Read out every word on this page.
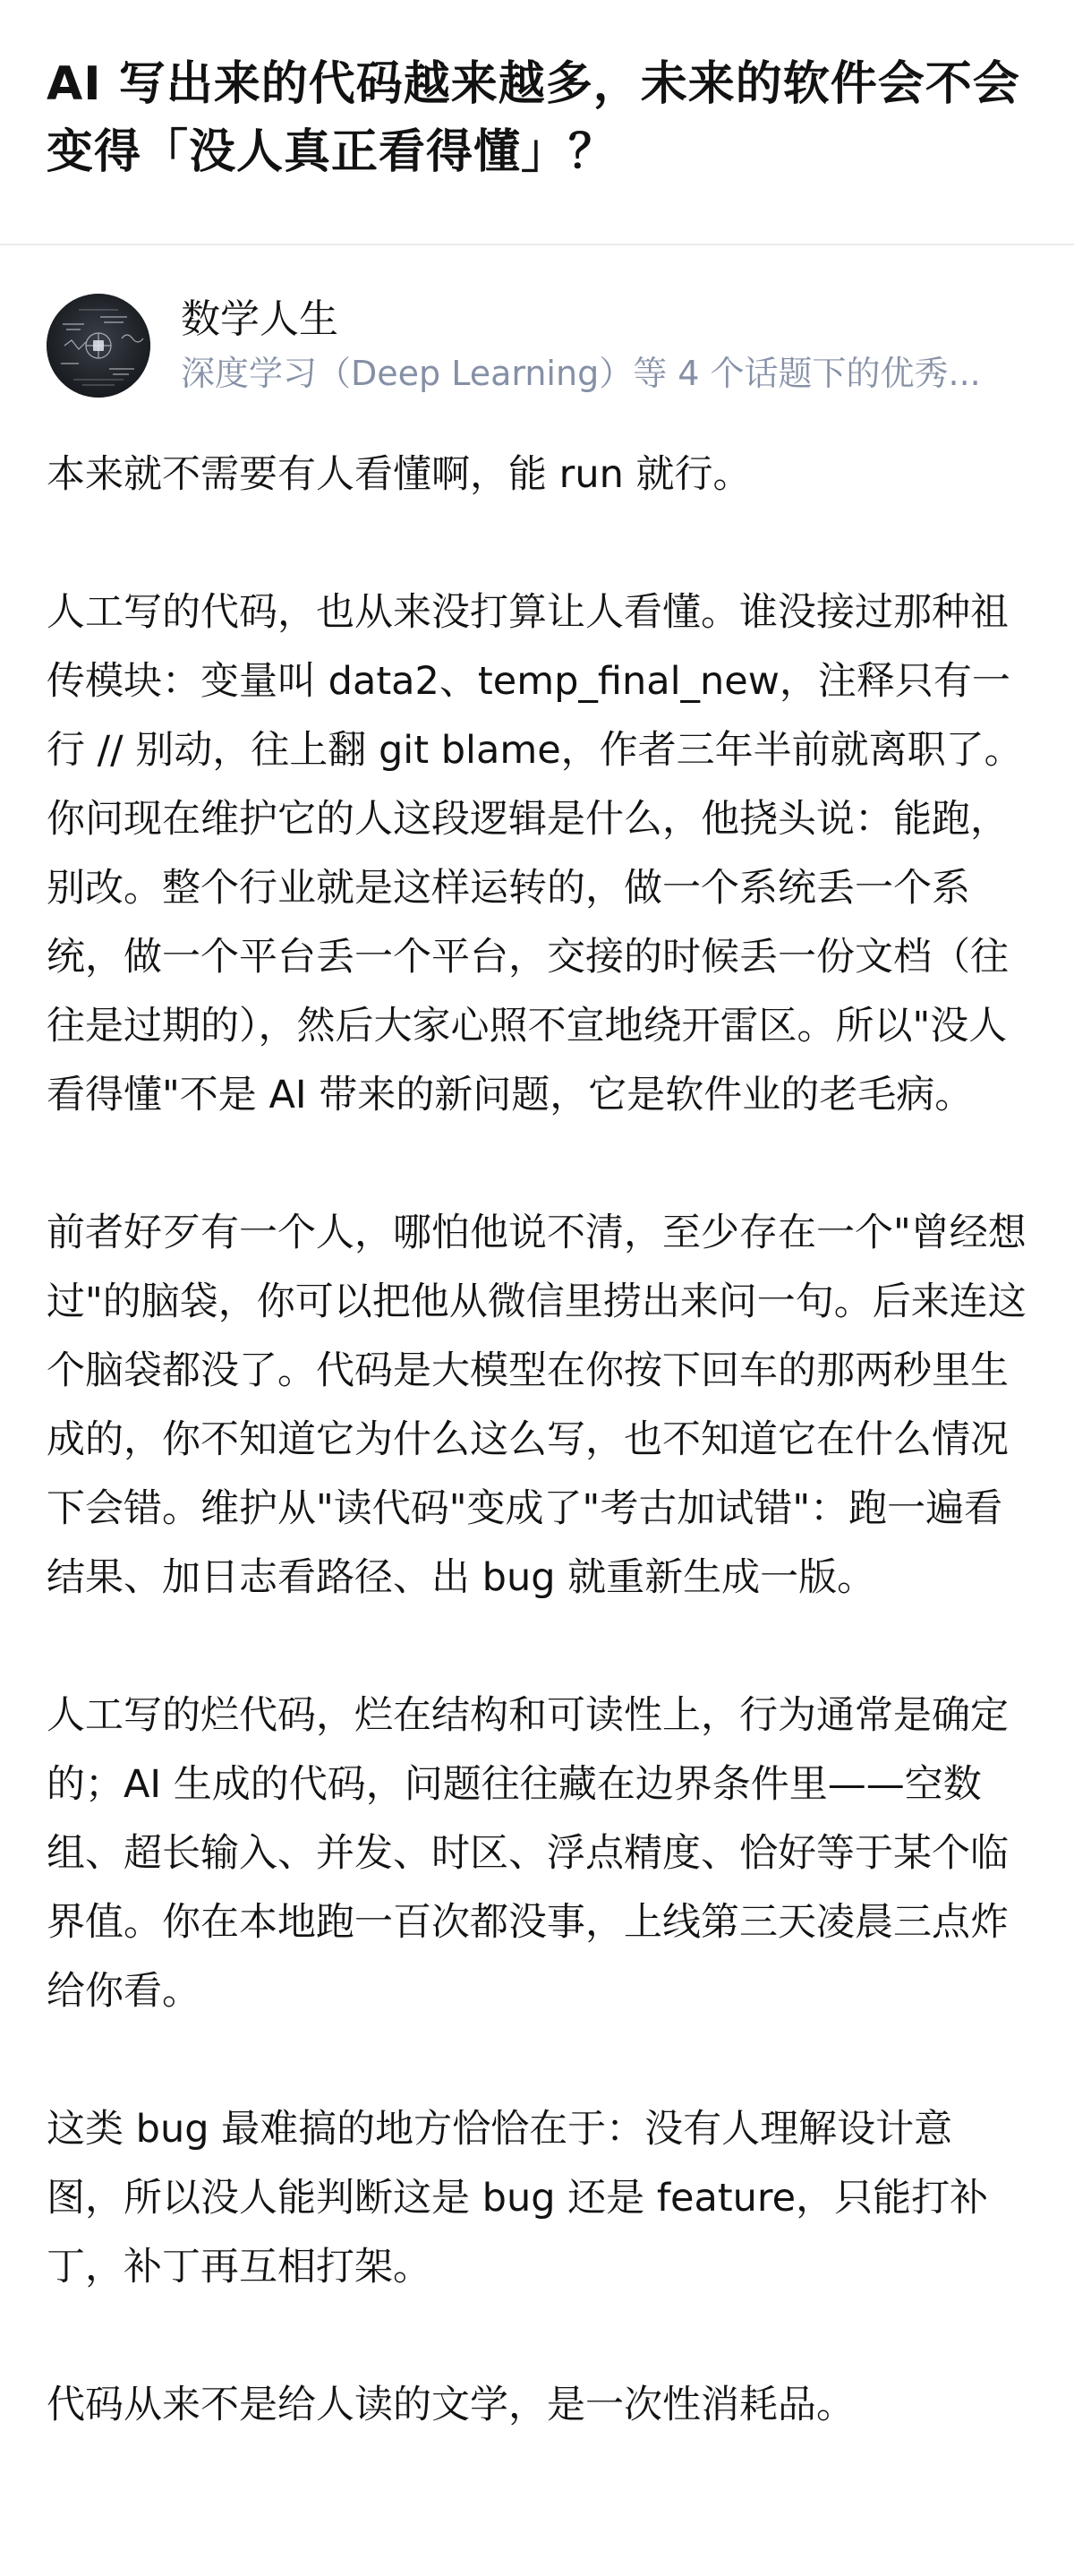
AI 写出来的代码越来越多，未来的软件会不会变得「没人真正看得懂」？
数学人生
深度学习（Deep Learning）等 4 个话题下的优秀...

本来就不需要有人看懂啊，能 run 就行。

人工写的代码，也从来没打算让人看懂。谁没接过那种祖传模块：变量叫 data2、temp_final_new，注释只有一行 // 别动，往上翻 git blame，作者三年半前就离职了。你问现在维护它的人这段逻辑是什么，他挠头说：能跑，别改。整个行业就是这样运转的，做一个系统丢一个系统，做一个平台丢一个平台，交接的时候丢一份文档（往往是过期的），然后大家心照不宣地绕开雷区。所以"没人看得懂"不是 AI 带来的新问题，它是软件业的老毛病。

前者好歹有一个人，哪怕他说不清，至少存在一个"曾经想过"的脑袋，你可以把他从微信里捞出来问一句。后来连这个脑袋都没了。代码是大模型在你按下回车的那两秒里生成的，你不知道它为什么这么写，也不知道它在什么情况下会错。维护从"读代码"变成了"考古加试错"：跑一遍看结果、加日志看路径、出 bug 就重新生成一版。

人工写的烂代码，烂在结构和可读性上，行为通常是确定的；AI 生成的代码，问题往往藏在边界条件里——空数组、超长输入、并发、时区、浮点精度、恰好等于某个临界值。你在本地跑一百次都没事，上线第三天凌晨三点炸给你看。

这类 bug 最难搞的地方恰恰在于：没有人理解设计意图，所以没人能判断这是 bug 还是 feature，只能打补丁，补丁再互相打架。

代码从来不是给人读的文学，是一次性消耗品。
